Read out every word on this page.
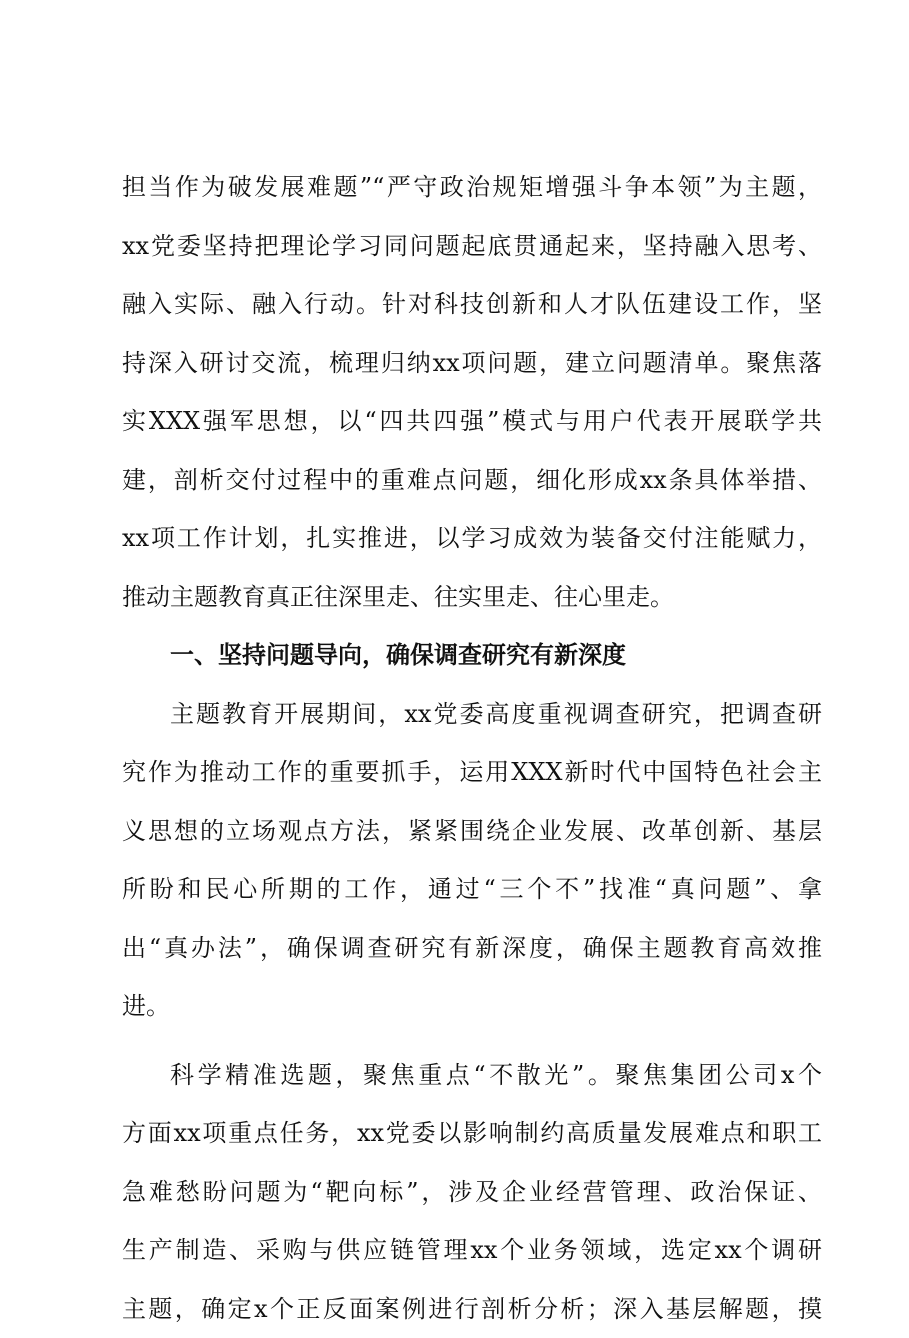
担当作为破发展难题”“严守政治规矩增强斗争本领”为主题，
xx党委坚持把理论学习同问题起底贯通起来，坚持融入思考、
融入实际、融入行动。针对科技创新和人才队伍建设工作，坚
持深入研讨交流，梳理归纳xx项问题，建立问题清单。聚焦落
实XXX强军思想，以“四共四强”模式与用户代表开展联学共
建，剖析交付过程中的重难点问题，细化形成xx条具体举措、
xx项工作计划，扎实推进，以学习成效为装备交付注能赋力，
推动主题教育真正往深里走、往实里走、往心里走。
一、坚持问题导向，确保调查研究有新深度
主题教育开展期间，xx党委高度重视调查研究，把调查研
究作为推动工作的重要抓手，运用XXX新时代中国特色社会主
义思想的立场观点方法，紧紧围绕企业发展、改革创新、基层
所盼和民心所期的工作，通过“三个不”找准“真问题”、拿
出“真办法”，确保调查研究有新深度，确保主题教育高效推
进。
科学精准选题，聚焦重点“不散光”。聚焦集团公司x个
方面xx项重点任务，xx党委以影响制约高质量发展难点和职工
急难愁盼问题为“靶向标”，涉及企业经营管理、政治保证、
生产制造、采购与供应链管理xx个业务领域，选定xx个调研
主题，确定x个正反面案例进行剖析分析；深入基层解题，摸
